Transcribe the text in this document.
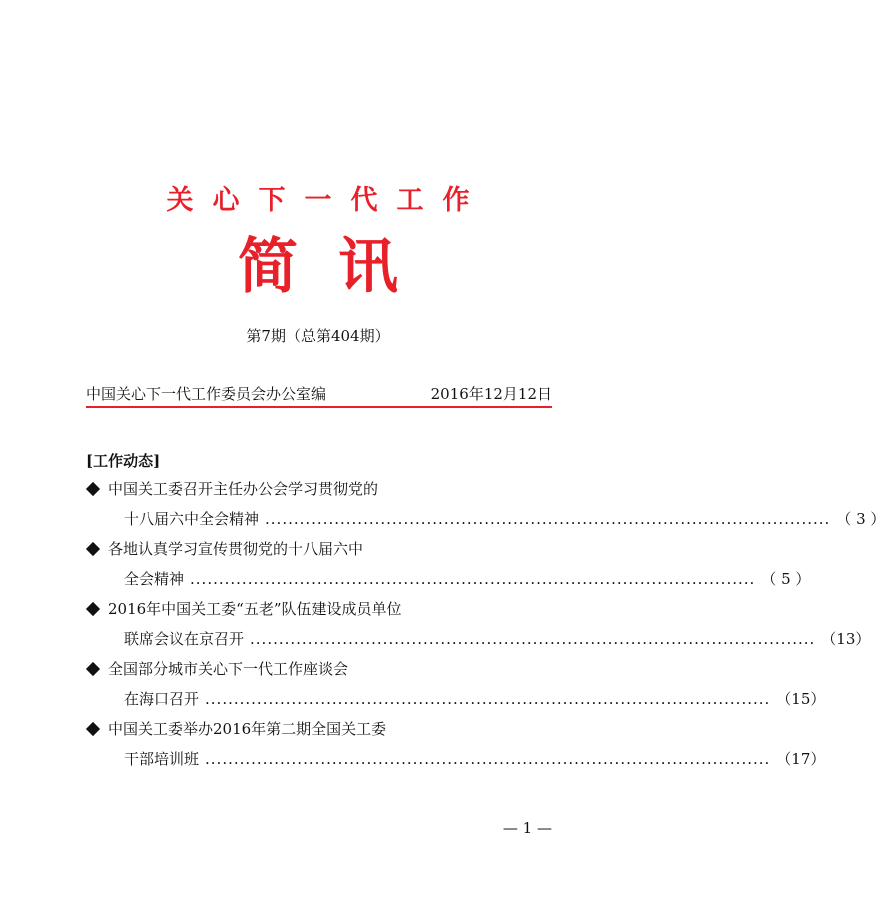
关心下一代工作
简讯
第7期（总第404期）
中国关心下一代工作委员会办公室编	2016年12月12日
[工作动态]
中国关工委召开主任办公会学习贯彻党的
十八届六中全会精神 .................................................................................................. （ 3 ）
各地认真学习宣传贯彻党的十八届六中
全会精神 .................................................................................................. （ 5 ）
2016年中国关工委“五老”队伍建设成员单位
联席会议在京召开 .................................................................................................. （13）
全国部分城市关心下一代工作座谈会
在海口召开 .................................................................................................. （15）
中国关工委举办2016年第二期全国关工委
干部培训班 .................................................................................................. （17）
— 1 —
